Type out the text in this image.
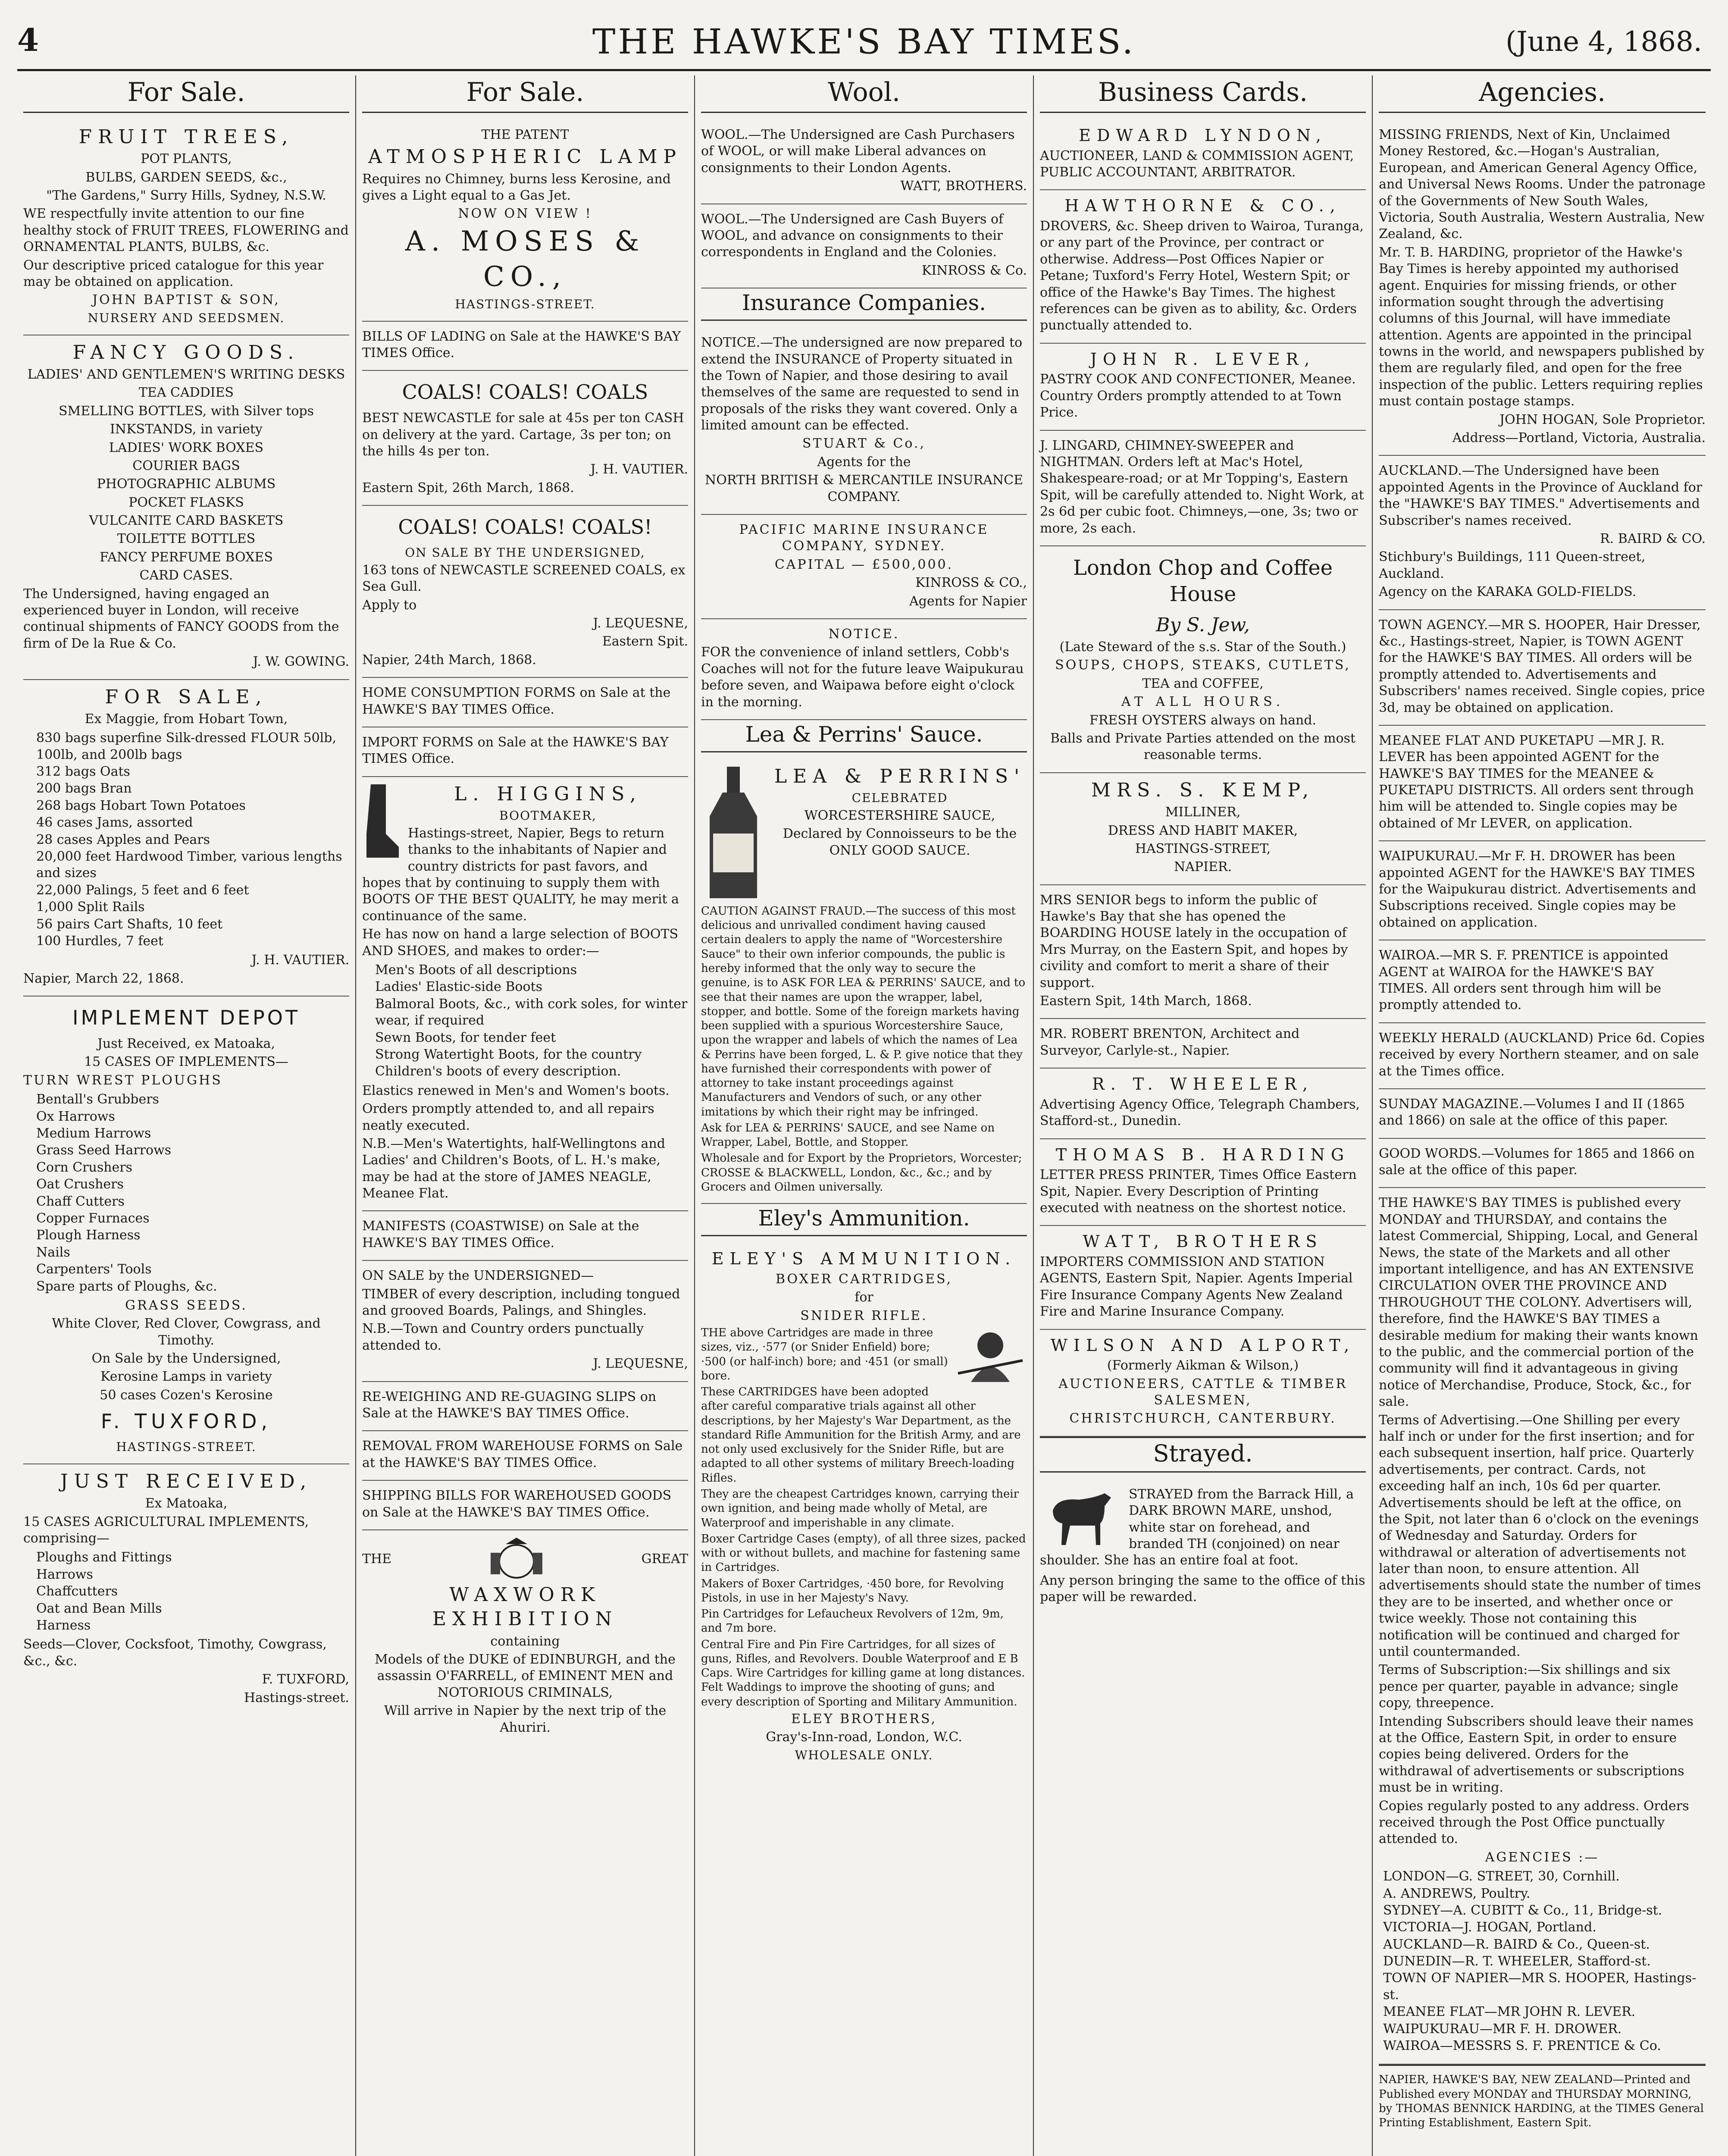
4	THE HAWKE'S BAY TIMES.	(June 4, 1868.
For Sale.
FRUIT TREES,

POT PLANTS,

BULBS, GARDEN SEEDS, &c.,

"The Gardens," Surry Hills, Sydney, N.S.W.

WE respectfully invite attention to our fine healthy stock of FRUIT TREES, FLOWERING and ORNAMENTAL PLANTS, BULBS, &c.

Our descriptive priced catalogue for this year may be obtained on application.

JOHN BAPTIST & SON,

NURSERY AND SEEDSMEN.

FANCY GOODS.

LADIES' AND GENTLEMEN'S WRITING DESKS

TEA CADDIES

SMELLING BOTTLES, with Silver tops

INKSTANDS, in variety

LADIES' WORK BOXES

COURIER BAGS

PHOTOGRAPHIC ALBUMS

POCKET FLASKS

VULCANITE CARD BASKETS

TOILETTE BOTTLES

FANCY PERFUME BOXES

CARD CASES.

The Undersigned, having engaged an experienced buyer in London, will receive continual shipments of FANCY GOODS from the firm of De la Rue & Co.

J. W. GOWING.

FOR SALE,

Ex Maggie, from Hobart Town,

830 bags superfine Silk-dressed FLOUR 50lb, 100lb, and 200lb bags
312 bags Oats
200 bags Bran
268 bags Hobart Town Potatoes
46 cases Jams, assorted
28 cases Apples and Pears
20,000 feet Hardwood Timber, various lengths and sizes
22,000 Palings, 5 feet and 6 feet
1,000 Split Rails
56 pairs Cart Shafts, 10 feet
100 Hurdles, 7 feet

J. H. VAUTIER.

Napier, March 22, 1868.

IMPLEMENT DEPOT

Just Received, ex Matoaka,

15 CASES OF IMPLEMENTS—

TURN WREST PLOUGHS

Bentall's Grubbers
Ox Harrows
Medium Harrows
Grass Seed Harrows
Corn Crushers
Oat Crushers
Chaff Cutters
Copper Furnaces
Plough Harness
Nails
Carpenters' Tools
Spare parts of Ploughs, &c.

GRASS SEEDS.

White Clover, Red Clover, Cowgrass, and Timothy.

On Sale by the Undersigned,

Kerosine Lamps in variety

50 cases Cozen's Kerosine

F. TUXFORD,

HASTINGS-STREET.

JUST RECEIVED,

Ex Matoaka,

15 CASES AGRICULTURAL IMPLEMENTS, comprising—

Ploughs and Fittings
Harrows
Chaffcutters
Oat and Bean Mills
Harness

Seeds—Clover, Cocksfoot, Timothy, Cowgrass, &c., &c.

F. TUXFORD,

Hastings-street.

For Sale.

THE PATENT

ATMOSPHERIC LAMP

Requires no Chimney, burns less Kerosine, and gives a Light equal to a Gas Jet.

NOW ON VIEW !

A. MOSES & CO.,

HASTINGS-STREET.

BILLS OF LADING on Sale at the HAWKE'S BAY TIMES Office.

COALS! COALS! COALS

BEST NEWCASTLE for sale at 45s per ton CASH on delivery at the yard. Cartage, 3s per ton; on the hills 4s per ton.

J. H. VAUTIER.

Eastern Spit, 26th March, 1868.

COALS! COALS! COALS!

ON SALE BY THE UNDERSIGNED,

163 tons of NEWCASTLE SCREENED COALS, ex Sea Gull.

Apply to

J. LEQUESNE,

Eastern Spit.

Napier, 24th March, 1868.

HOME CONSUMPTION FORMS on Sale at the HAWKE'S BAY TIMES Office.

IMPORT FORMS on Sale at the HAWKE'S BAY TIMES Office.

L. HIGGINS,

BOOTMAKER,

Hastings-street, Napier, Begs to return thanks to the inhabitants of Napier and country districts for past favors, and hopes that by continuing to supply them with BOOTS OF THE BEST QUALITY, he may merit a continuance of the same.

He has now on hand a large selection of BOOTS AND SHOES, and makes to order:—

Men's Boots of all descriptions
Ladies' Elastic-side Boots
Balmoral Boots, &c., with cork soles, for winter wear, if required
Sewn Boots, for tender feet
Strong Watertight Boots, for the country
Children's boots of every description.

Elastics renewed in Men's and Women's boots.

Orders promptly attended to, and all repairs neatly executed.

N.B.—Men's Watertights, half-Wellingtons and Ladies' and Children's Boots, of L. H.'s make, may be had at the store of JAMES NEAGLE, Meanee Flat.

MANIFESTS (COASTWISE) on Sale at the HAWKE'S BAY TIMES Office.

ON SALE by the UNDERSIGNED—

TIMBER of every description, including tongued and grooved Boards, Palings, and Shingles.

N.B.—Town and Country orders punctually attended to.

J. LEQUESNE,

RE-WEIGHING AND RE-GUAGING SLIPS on Sale at the HAWKE'S BAY TIMES Office.

REMOVAL FROM WAREHOUSE FORMS on Sale at the HAWKE'S BAY TIMES Office.

SHIPPING BILLS FOR WAREHOUSED GOODS on Sale at the HAWKE'S BAY TIMES Office.

THE	GREAT
WAXWORK EXHIBITION

containing

Models of the DUKE of EDINBURGH, and the assassin O'FARRELL, of EMINENT MEN and NOTORIOUS CRIMINALS,

Will arrive in Napier by the next trip of the Ahuriri.

Wool.

WOOL.—The Undersigned are Cash Purchasers of WOOL, or will make Liberal advances on consignments to their London Agents.

WATT, BROTHERS.

WOOL.—The Undersigned are Cash Buyers of WOOL, and advance on consignments to their correspondents in England and the Colonies.

KINROSS & Co.

Insurance Companies.

NOTICE.—The undersigned are now prepared to extend the INSURANCE of Property situated in the Town of Napier, and those desiring to avail themselves of the same are requested to send in proposals of the risks they want covered. Only a limited amount can be effected.

STUART & Co.,

Agents for the

NORTH BRITISH & MERCANTILE INSURANCE COMPANY.

PACIFIC MARINE INSURANCE COMPANY, SYDNEY.

CAPITAL — £500,000.

KINROSS & CO.,

Agents for Napier

NOTICE.

FOR the convenience of inland settlers, Cobb's Coaches will not for the future leave Waipukurau before seven, and Waipawa before eight o'clock in the morning.

Lea & Perrins' Sauce.
LEA & PERRINS'

CELEBRATED

WORCESTERSHIRE SAUCE,

Declared by Connoisseurs to be the ONLY GOOD SAUCE.

CAUTION AGAINST FRAUD.—The success of this most delicious and unrivalled condiment having caused certain dealers to apply the name of "Worcestershire Sauce" to their own inferior compounds, the public is hereby informed that the only way to secure the genuine, is to ASK FOR LEA & PERRINS' SAUCE, and to see that their names are upon the wrapper, label, stopper, and bottle. Some of the foreign markets having been supplied with a spurious Worcestershire Sauce, upon the wrapper and labels of which the names of Lea & Perrins have been forged, L. & P. give notice that they have furnished their correspondents with power of attorney to take instant proceedings against Manufacturers and Vendors of such, or any other imitations by which their right may be infringed.

Ask for LEA & PERRINS' SAUCE, and see Name on Wrapper, Label, Bottle, and Stopper.

Wholesale and for Export by the Proprietors, Worcester; CROSSE & BLACKWELL, London, &c., &c.; and by Grocers and Oilmen universally.

Eley's Ammunition.
ELEY'S AMMUNITION.

BOXER CARTRIDGES,

for

SNIDER RIFLE.

THE above Cartridges are made in three sizes, viz., ·577 (or Snider Enfield) bore; ·500 (or half-inch) bore; and ·451 (or small) bore.

These CARTRIDGES have been adopted after careful comparative trials against all other descriptions, by her Majesty's War Department, as the standard Rifle Ammunition for the British Army, and are not only used exclusively for the Snider Rifle, but are adapted to all other systems of military Breech-loading Rifles.

They are the cheapest Cartridges known, carrying their own ignition, and being made wholly of Metal, are Waterproof and imperishable in any climate.

Boxer Cartridge Cases (empty), of all three sizes, packed with or without bullets, and machine for fastening same in Cartridges.

Makers of Boxer Cartridges, ·450 bore, for Revolving Pistols, in use in her Majesty's Navy.

Pin Cartridges for Lefaucheux Revolvers of 12m, 9m, and 7m bore.

Central Fire and Pin Fire Cartridges, for all sizes of guns, Rifles, and Revolvers. Double Waterproof and E B Caps. Wire Cartridges for killing game at long distances. Felt Waddings to improve the shooting of guns; and every description of Sporting and Military Ammunition.

ELEY BROTHERS,

Gray's-Inn-road, London, W.C.

WHOLESALE ONLY.

Business Cards.
EDWARD LYNDON,

AUCTIONEER, LAND & COMMISSION AGENT, PUBLIC ACCOUNTANT, ARBITRATOR.

HAWTHORNE & CO.,

DROVERS, &c. Sheep driven to Wairoa, Turanga, or any part of the Province, per contract or otherwise. Address—Post Offices Napier or Petane; Tuxford's Ferry Hotel, Western Spit; or office of the Hawke's Bay Times. The highest references can be given as to ability, &c. Orders punctually attended to.

JOHN R. LEVER,

PASTRY COOK AND CONFECTIONER, Meanee. Country Orders promptly attended to at Town Price.

J. LINGARD, CHIMNEY-SWEEPER and NIGHTMAN. Orders left at Mac's Hotel, Shakespeare-road; or at Mr Topping's, Eastern Spit, will be carefully attended to. Night Work, at 2s 6d per cubic foot. Chimneys,—one, 3s; two or more, 2s each.

London Chop and Coffee House

By S. Jew,

(Late Steward of the s.s. Star of the South.)

SOUPS, CHOPS, STEAKS, CUTLETS,

TEA and COFFEE,

AT ALL HOURS.

FRESH OYSTERS always on hand.

Balls and Private Parties attended on the most reasonable terms.

MRS. S. KEMP,

MILLINER,

DRESS AND HABIT MAKER,

HASTINGS-STREET,

NAPIER.

MRS SENIOR begs to inform the public of Hawke's Bay that she has opened the BOARDING HOUSE lately in the occupation of Mrs Murray, on the Eastern Spit, and hopes by civility and comfort to merit a share of their support.

Eastern Spit, 14th March, 1868.

MR. ROBERT BRENTON, Architect and Surveyor, Carlyle-st., Napier.

R. T. WHEELER,

Advertising Agency Office, Telegraph Chambers, Stafford-st., Dunedin.

THOMAS B. HARDING

LETTER PRESS PRINTER, Times Office Eastern Spit, Napier. Every Description of Printing executed with neatness on the shortest notice.

WATT, BROTHERS

IMPORTERS COMMISSION AND STATION AGENTS, Eastern Spit, Napier. Agents Imperial Fire Insurance Company Agents New Zealand Fire and Marine Insurance Company.

WILSON AND ALPORT,

(Formerly Aikman & Wilson,)

AUCTIONEERS, CATTLE & TIMBER SALESMEN,

CHRISTCHURCH, CANTERBURY.

Strayed.

STRAYED from the Barrack Hill, a DARK BROWN MARE, unshod, white star on forehead, and branded TH (conjoined) on near shoulder. She has an entire foal at foot.

Any person bringing the same to the office of this paper will be rewarded.

Agencies.

MISSING FRIENDS, Next of Kin, Unclaimed Money Restored, &c.—Hogan's Australian, European, and American General Agency Office, and Universal News Rooms. Under the patronage of the Governments of New South Wales, Victoria, South Australia, Western Australia, New Zealand, &c.

Mr. T. B. HARDING, proprietor of the Hawke's Bay Times is hereby appointed my authorised agent. Enquiries for missing friends, or other information sought through the advertising columns of this Journal, will have immediate attention. Agents are appointed in the principal towns in the world, and newspapers published by them are regularly filed, and open for the free inspection of the public. Letters requiring replies must contain postage stamps.

JOHN HOGAN, Sole Proprietor.

Address—Portland, Victoria, Australia.

AUCKLAND.—The Undersigned have been appointed Agents in the Province of Auckland for the "HAWKE'S BAY TIMES." Advertisements and Subscriber's names received.

R. BAIRD & CO.

Stichbury's Buildings, 111 Queen-street, Auckland.

Agency on the KARAKA GOLD-FIELDS.

TOWN AGENCY.—MR S. HOOPER, Hair Dresser, &c., Hastings-street, Napier, is TOWN AGENT for the HAWKE'S BAY TIMES. All orders will be promptly attended to. Advertisements and Subscribers' names received. Single copies, price 3d, may be obtained on application.

MEANEE FLAT AND PUKETAPU —MR J. R. LEVER has been appointed AGENT for the HAWKE'S BAY TIMES for the MEANEE & PUKETAPU DISTRICTS. All orders sent through him will be attended to. Single copies may be obtained of Mr LEVER, on application.

WAIPUKURAU.—Mr F. H. DROWER has been appointed AGENT for the HAWKE'S BAY TIMES for the Waipukurau district. Advertisements and Subscriptions received. Single copies may be obtained on application.

WAIROA.—MR S. F. PRENTICE is appointed AGENT at WAIROA for the HAWKE'S BAY TIMES. All orders sent through him will be promptly attended to.

WEEKLY HERALD (AUCKLAND) Price 6d. Copies received by every Northern steamer, and on sale at the Times office.

SUNDAY MAGAZINE.—Volumes I and II (1865 and 1866) on sale at the office of this paper.

GOOD WORDS.—Volumes for 1865 and 1866 on sale at the office of this paper.

THE HAWKE'S BAY TIMES is published every MONDAY and THURSDAY, and contains the latest Commercial, Shipping, Local, and General News, the state of the Markets and all other important intelligence, and has AN EXTENSIVE CIRCULATION OVER THE PROVINCE AND THROUGHOUT THE COLONY. Advertisers will, therefore, find the HAWKE'S BAY TIMES a desirable medium for making their wants known to the public, and the commercial portion of the community will find it advantageous in giving notice of Merchandise, Produce, Stock, &c., for sale.

Terms of Advertising.—One Shilling per every half inch or under for the first insertion; and for each subsequent insertion, half price. Quarterly advertisements, per contract. Cards, not exceeding half an inch, 10s 6d per quarter. Advertisements should be left at the office, on the Spit, not later than 6 o'clock on the evenings of Wednesday and Saturday. Orders for withdrawal or alteration of advertisements not later than noon, to ensure attention. All advertisements should state the number of times they are to be inserted, and whether once or twice weekly. Those not containing this notification will be continued and charged for until countermanded.

Terms of Subscription:—Six shillings and six pence per quarter, payable in advance; single copy, threepence.

Intending Subscribers should leave their names at the Office, Eastern Spit, in order to ensure copies being delivered. Orders for the withdrawal of advertisements or subscriptions must be in writing.

Copies regularly posted to any address. Orders received through the Post Office punctually attended to.

AGENCIES :—

LONDON—G. STREET, 30, Cornhill.
A. ANDREWS, Poultry.
SYDNEY—A. CUBITT & Co., 11, Bridge-st.
VICTORIA—J. HOGAN, Portland.
AUCKLAND—R. BAIRD & Co., Queen-st.
DUNEDIN—R. T. WHEELER, Stafford-st.
TOWN OF NAPIER—MR S. HOOPER, Hastings-st.
MEANEE FLAT—MR JOHN R. LEVER.
WAIPUKURAU—MR F. H. DROWER.
WAIROA—MESSRS S. F. PRENTICE & Co.

NAPIER, HAWKE'S BAY, NEW ZEALAND—Printed and Published every MONDAY and THURSDAY MORNING, by THOMAS BENNICK HARDING, at the TIMES General Printing Establishment, Eastern Spit.
